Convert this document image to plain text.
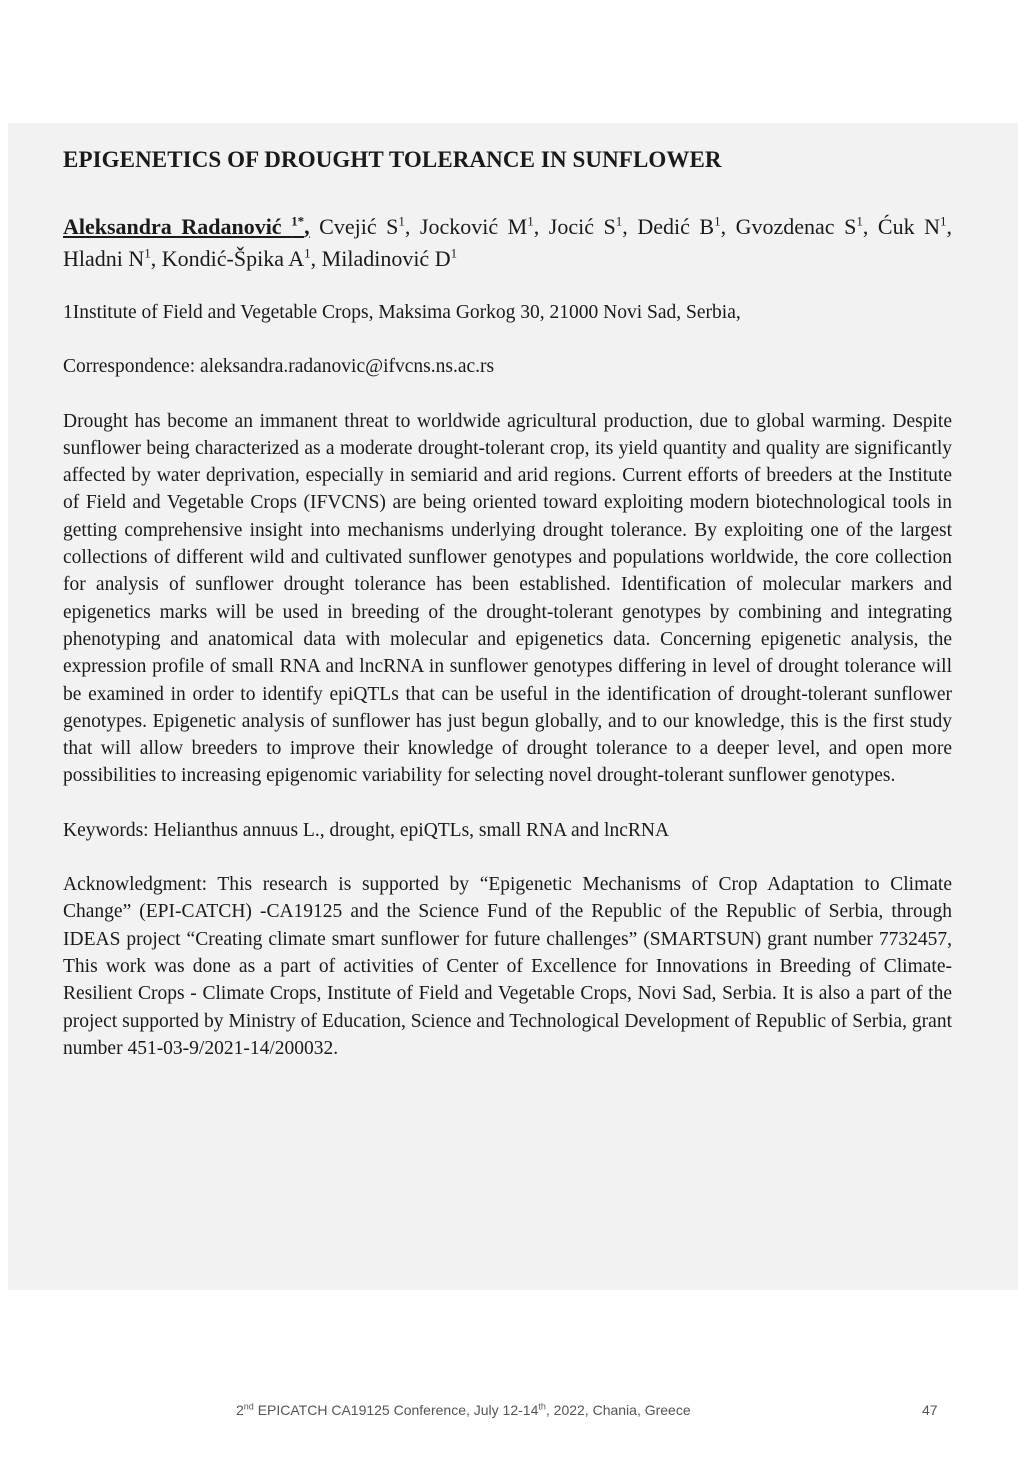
EPIGENETICS OF DROUGHT TOLERANCE IN SUNFLOWER
Aleksandra Radanović $^{1*}$, Cvejić $S^1$, Jocković $M^1$, Jocić $S^1$, Dedić $B^1$, Gvozdenac $S^1$, Ćuk $N^1$, Hladni $N^1$, Kondić-Špika $A^1$, Miladinović $D^1$

1Institute of Field and Vegetable Crops, Maksima Gorkog 30, 21000 Novi Sad, Serbia,

Correspondence: aleksandra.radanovic@ifvcns.ns.ac.rs

Drought has become an immanent threat to worldwide agricultural production, due to global warming. Despite sunflower being characterized as a moderate drought-tolerant crop, its yield quantity and quality are significantly affected by water deprivation, especially in semiarid and arid regions. Current efforts of breeders at the Institute of Field and Vegetable Crops (IFVCNS) are being oriented toward exploiting modern biotechnological tools in getting comprehensive insight into mechanisms underlying drought tolerance. By exploiting one of the largest collections of different wild and cultivated sunflower genotypes and populations worldwide, the core collection for analysis of sunflower drought tolerance has been established. Identification of molecular markers and epigenetics marks will be used in breeding of the drought-tolerant genotypes by combining and integrating phenotyping and anatomical data with molecular and epigenetics data. Concerning epigenetic analysis, the expression profile of small RNA and lncRNA in sunflower genotypes differing in level of drought tolerance will be examined in order to identify epiQTLs that can be useful in the identification of drought-tolerant sunflower genotypes. Epigenetic analysis of sunflower has just begun globally, and to our knowledge, this is the first study that will allow breeders to improve their knowledge of drought tolerance to a deeper level, and open more possibilities to increasing epigenomic variability for selecting novel drought-tolerant sunflower genotypes.

Keywords: Helianthus annuus L., drought, epiQTLs, small RNA and lncRNA

Acknowledgment: This research is supported by “Epigenetic Mechanisms of Crop Adaptation to Climate Change” (EPI-CATCH) -CA19125 and the Science Fund of the Republic of the Republic of Serbia, through IDEAS project “Creating climate smart sunflower for future challenges” (SMARTSUN) grant number 7732457, This work was done as a part of activities of Center of Excellence for Innovations in Breeding of Climate-Resilient Crops - Climate Crops, Institute of Field and Vegetable Crops, Novi Sad, Serbia. It is also a part of the project supported by Ministry of Education, Science and Technological Development of Republic of Serbia, grant number 451-03-9/2021-14/200032.

2nd EPICATCH CA19125 Conference, July 12-14th, 2022, Chania, Greece	47
